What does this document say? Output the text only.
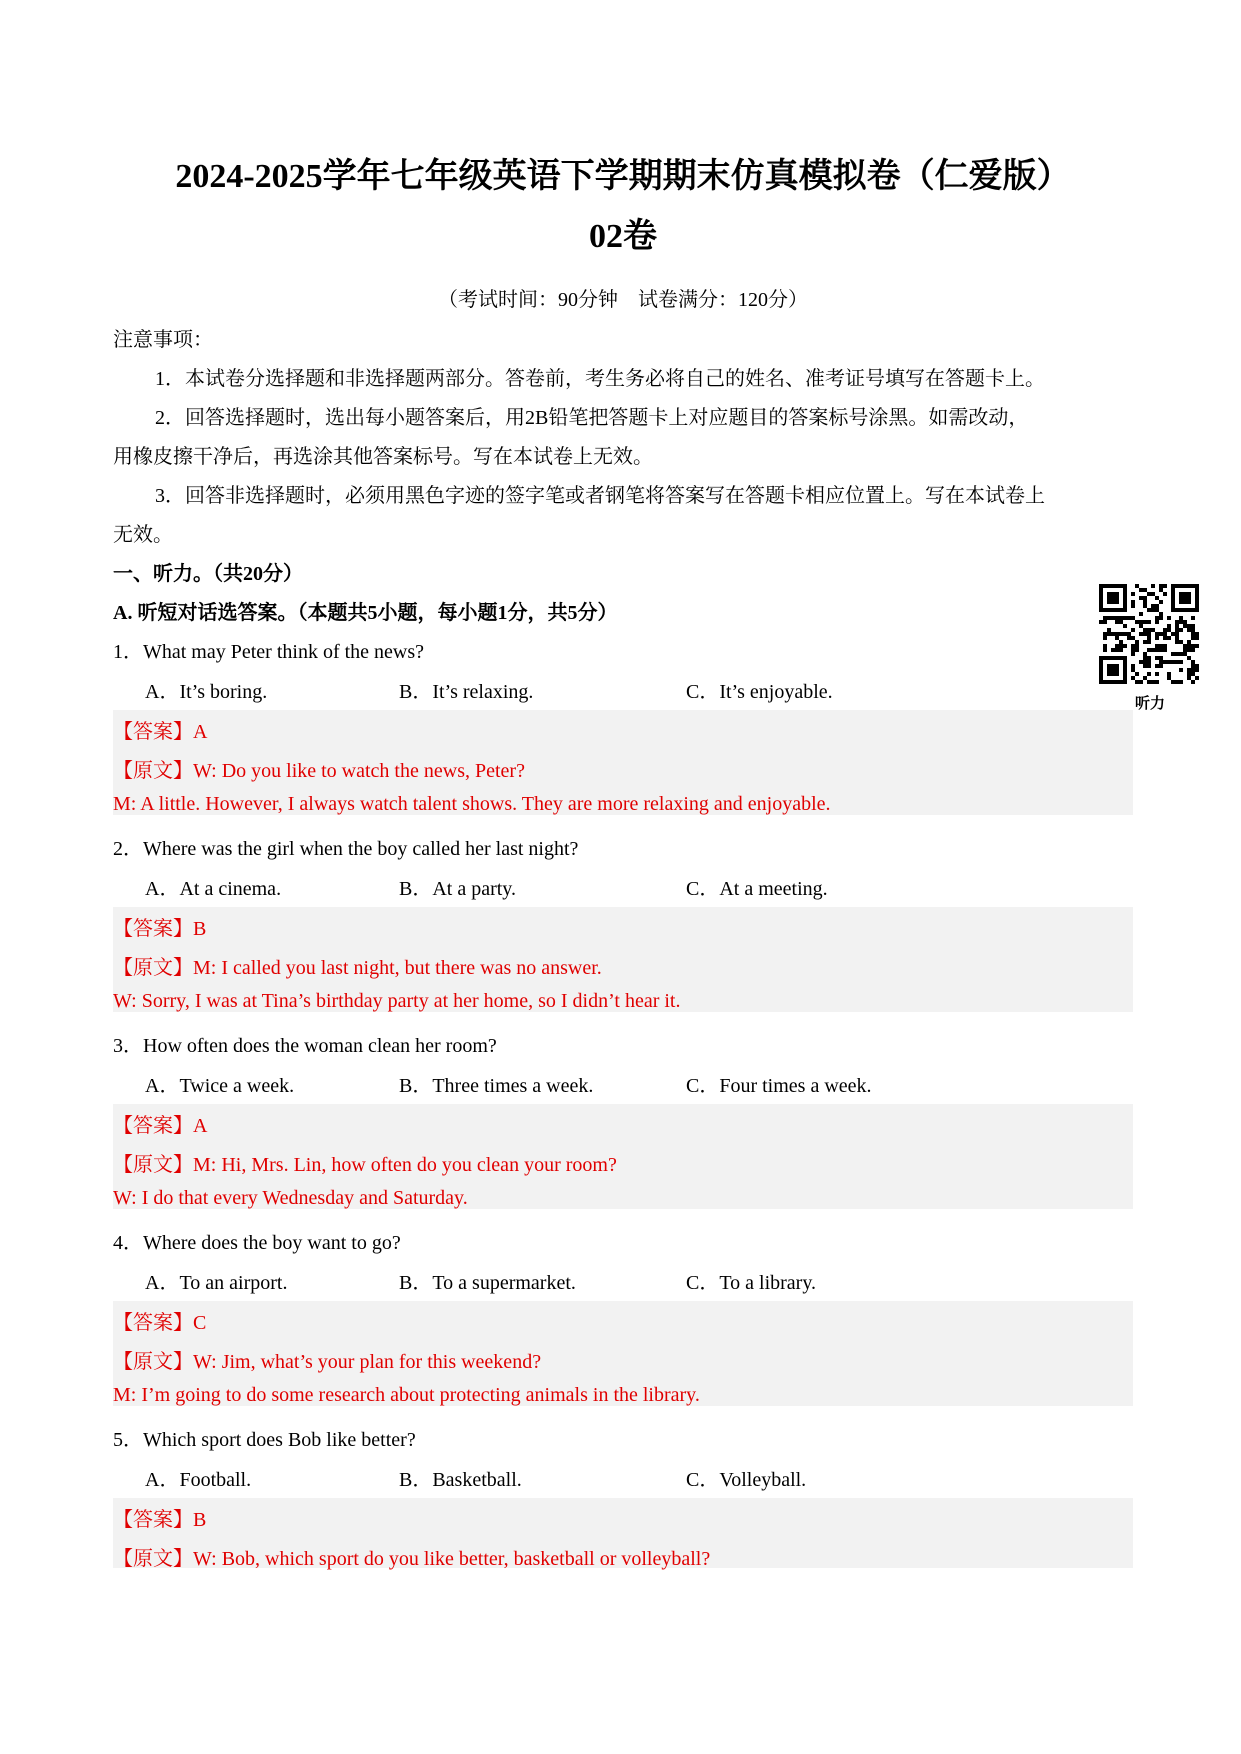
2024-2025学年七年级英语下学期期末仿真模拟卷（仁爱版）
02卷
（考试时间：90分钟　试卷满分：120分）
注意事项：
1．本试卷分选择题和非选择题两部分。答卷前，考生务必将自己的姓名、准考证号填写在答题卡上。
2．回答选择题时，选出每小题答案后，用2B铅笔把答题卡上对应题目的答案标号涂黑。如需改动，
用橡皮擦干净后，再选涂其他答案标号。写在本试卷上无效。
3．回答非选择题时，必须用黑色字迹的签字笔或者钢笔将答案写在答题卡相应位置上。写在本试卷上
无效。
一、听力。（共20分）
A. 听短对话选答案。（本题共5小题，每小题1分，共5分）
听力
1．What may Peter think of the news?
A．It’s boring.	B．It’s relaxing.	C．It’s enjoyable.
【答案】A
【原文】W: Do you like to watch the news, Peter?
M: A little. However, I always watch talent shows. They are more relaxing and enjoyable.
2．Where was the girl when the boy called her last night?
A．At a cinema.	B．At a party.	C．At a meeting.
【答案】B
【原文】M: I called you last night, but there was no answer.
W: Sorry, I was at Tina’s birthday party at her home, so I didn’t hear it.
3．How often does the woman clean her room?
A．Twice a week.	B．Three times a week.	C．Four times a week.
【答案】A
【原文】M: Hi, Mrs. Lin, how often do you clean your room?
W: I do that every Wednesday and Saturday.
4．Where does the boy want to go?
A．To an airport.	B．To a supermarket.	C．To a library.
【答案】C
【原文】W: Jim, what’s your plan for this weekend?
M: I’m going to do some research about protecting animals in the library.
5．Which sport does Bob like better?
A．Football.	B．Basketball.	C．Volleyball.
【答案】B
【原文】W: Bob, which sport do you like better, basketball or volleyball?
